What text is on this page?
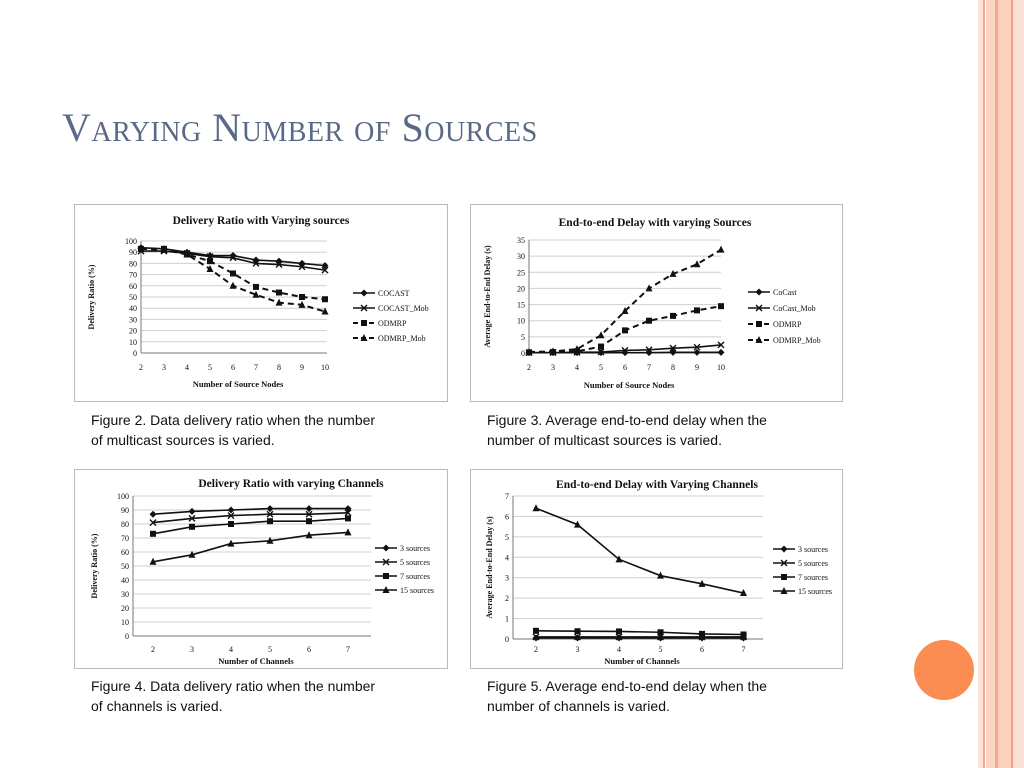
Varying Number of Sources
Delivery Ratio with Varying sources
0
10
20
30
40
50
60
70
80
90
100
2 3 4 5 6 7 8 9 10
Number of Source Nodes
Delivery Ratio (%)	COCAST
COCAST_Mob
ODMRP
ODMRP_Mob
End-to-end Delay with varying Sources
0
5
10
15
20
25
30
35
2	3	4	5	6	7	8	9 10
Number of Source Nodes
Average End-to-End Delay (s)	CoCast
CoCast_Mob
ODMRP
ODMRP_Mob
Delivery Ratio with varying Channels
0
10
20
30
40
50
60
70
80
90
100
2	3	4	5	6	7
Number of Channels
Delivery Ratio (%)	3 sources
5 sources
7 sources
15 sources
End-to-end Delay with Varying Channels
0
1
2
3
4
5
6
7
2	3	4	5	6	7
Number of Channels
Average End-to-End Delay (s)	3 sources
5 sources
7 sources
15 sources
Figure 2. Data delivery ratio when the number
of multicast sources is varied.
Figure 3. Average end-to-end delay when the
number of multicast sources is varied.
Figure 4. Data delivery ratio when the number
of channels is varied.
Figure 5. Average end-to-end delay when the
number of channels is varied.
